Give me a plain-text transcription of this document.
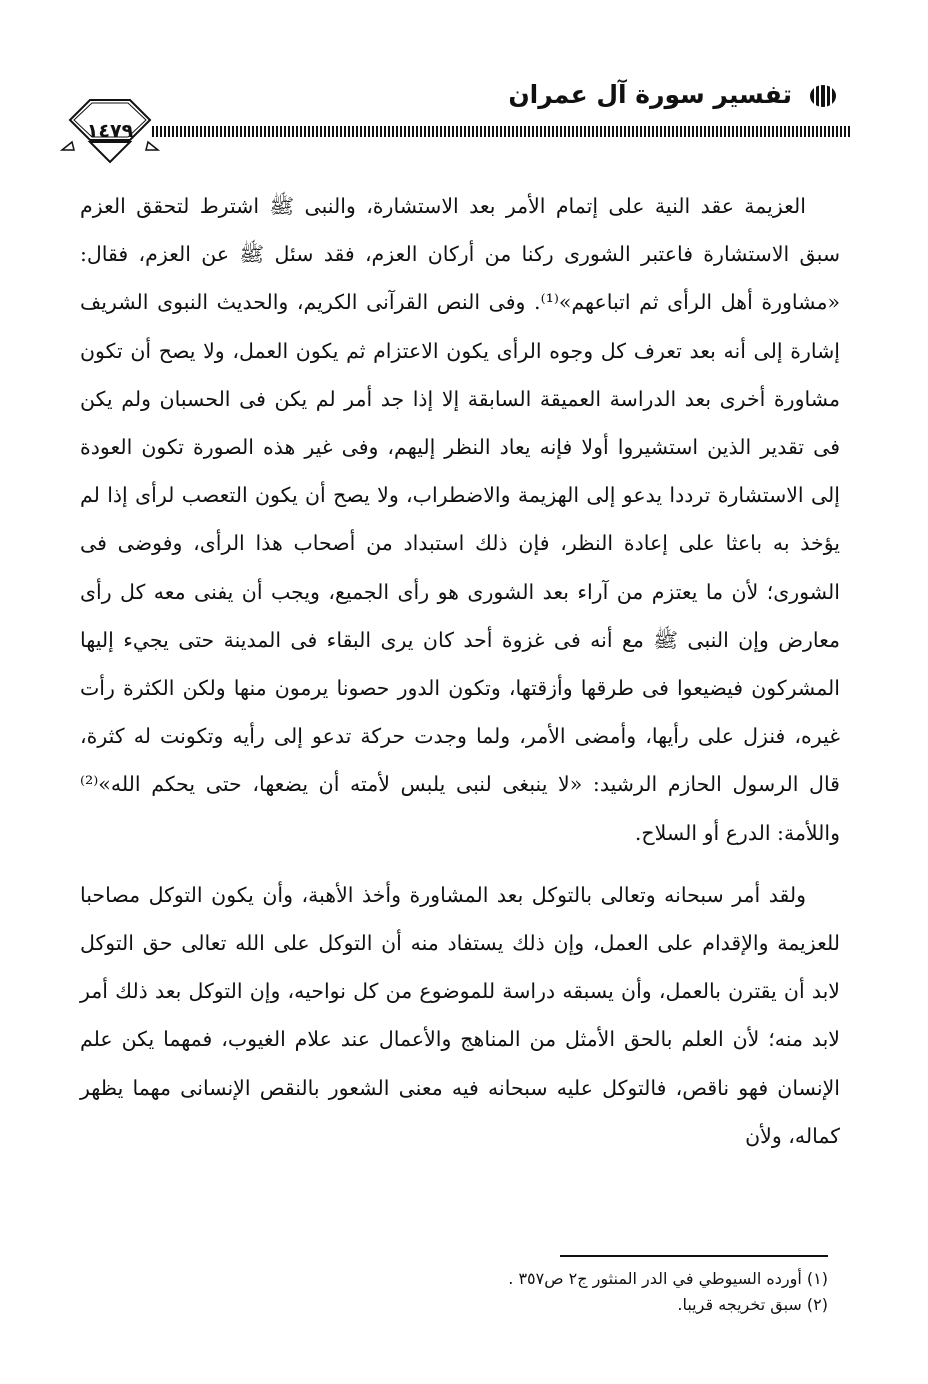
تفسير سورة آل عمران
١٤٧٩

العزيمة عقد النية على إتمام الأمر بعد الاستشارة، والنبى ﷺ اشترط لتحقق العزم سبق الاستشارة فاعتبر الشورى ركنا من أركان العزم، فقد سئل ﷺ عن العزم، فقال: «مشاورة أهل الرأى ثم اتباعهم»⁽¹⁾. وفى النص القرآنى الكريم، والحديث النبوى الشريف إشارة إلى أنه بعد تعرف كل وجوه الرأى يكون الاعتزام ثم يكون العمل، ولا يصح أن تكون مشاورة أخرى بعد الدراسة العميقة السابقة إلا إذا جد أمر لم يكن فى الحسبان ولم يكن فى تقدير الذين استشيروا أولا فإنه يعاد النظر إليهم، وفى غير هذه الصورة تكون العودة إلى الاستشارة ترددا يدعو إلى الهزيمة والاضطراب، ولا يصح أن يكون التعصب لرأى إذا لم يؤخذ به باعثا على إعادة النظر، فإن ذلك استبداد من أصحاب هذا الرأى، وفوضى فى الشورى؛ لأن ما يعتزم من آراء بعد الشورى هو رأى الجميع، ويجب أن يفنى معه كل رأى معارض وإن النبى ﷺ مع أنه فى غزوة أحد كان يرى البقاء فى المدينة حتى يجيء إليها المشركون فيضيعوا فى طرقها وأزقتها، وتكون الدور حصونا يرمون منها ولكن الكثرة رأت غيره، فنزل على رأيها، وأمضى الأمر، ولما وجدت حركة تدعو إلى رأيه وتكونت له كثرة، قال الرسول الحازم الرشيد: «لا ينبغى لنبى يلبس لأمته أن يضعها، حتى يحكم الله»⁽²⁾ واللأمة: الدرع أو السلاح.

ولقد أمر سبحانه وتعالى بالتوكل بعد المشاورة وأخذ الأهبة، وأن يكون التوكل مصاحبا للعزيمة والإقدام على العمل، وإن ذلك يستفاد منه أن التوكل على الله تعالى حق التوكل لابد أن يقترن بالعمل، وأن يسبقه دراسة للموضوع من كل نواحيه، وإن التوكل بعد ذلك أمر لابد منه؛ لأن العلم بالحق الأمثل من المناهج والأعمال عند علام الغيوب، فمهما يكن علم الإنسان فهو ناقص، فالتوكل عليه سبحانه فيه معنى الشعور بالنقص الإنسانى مهما يظهر كماله، ولأن

(١) أورده السيوطي في الدر المنثور ج٢ ص٣٥٧ .
(٢) سبق تخريجه قريبا.
